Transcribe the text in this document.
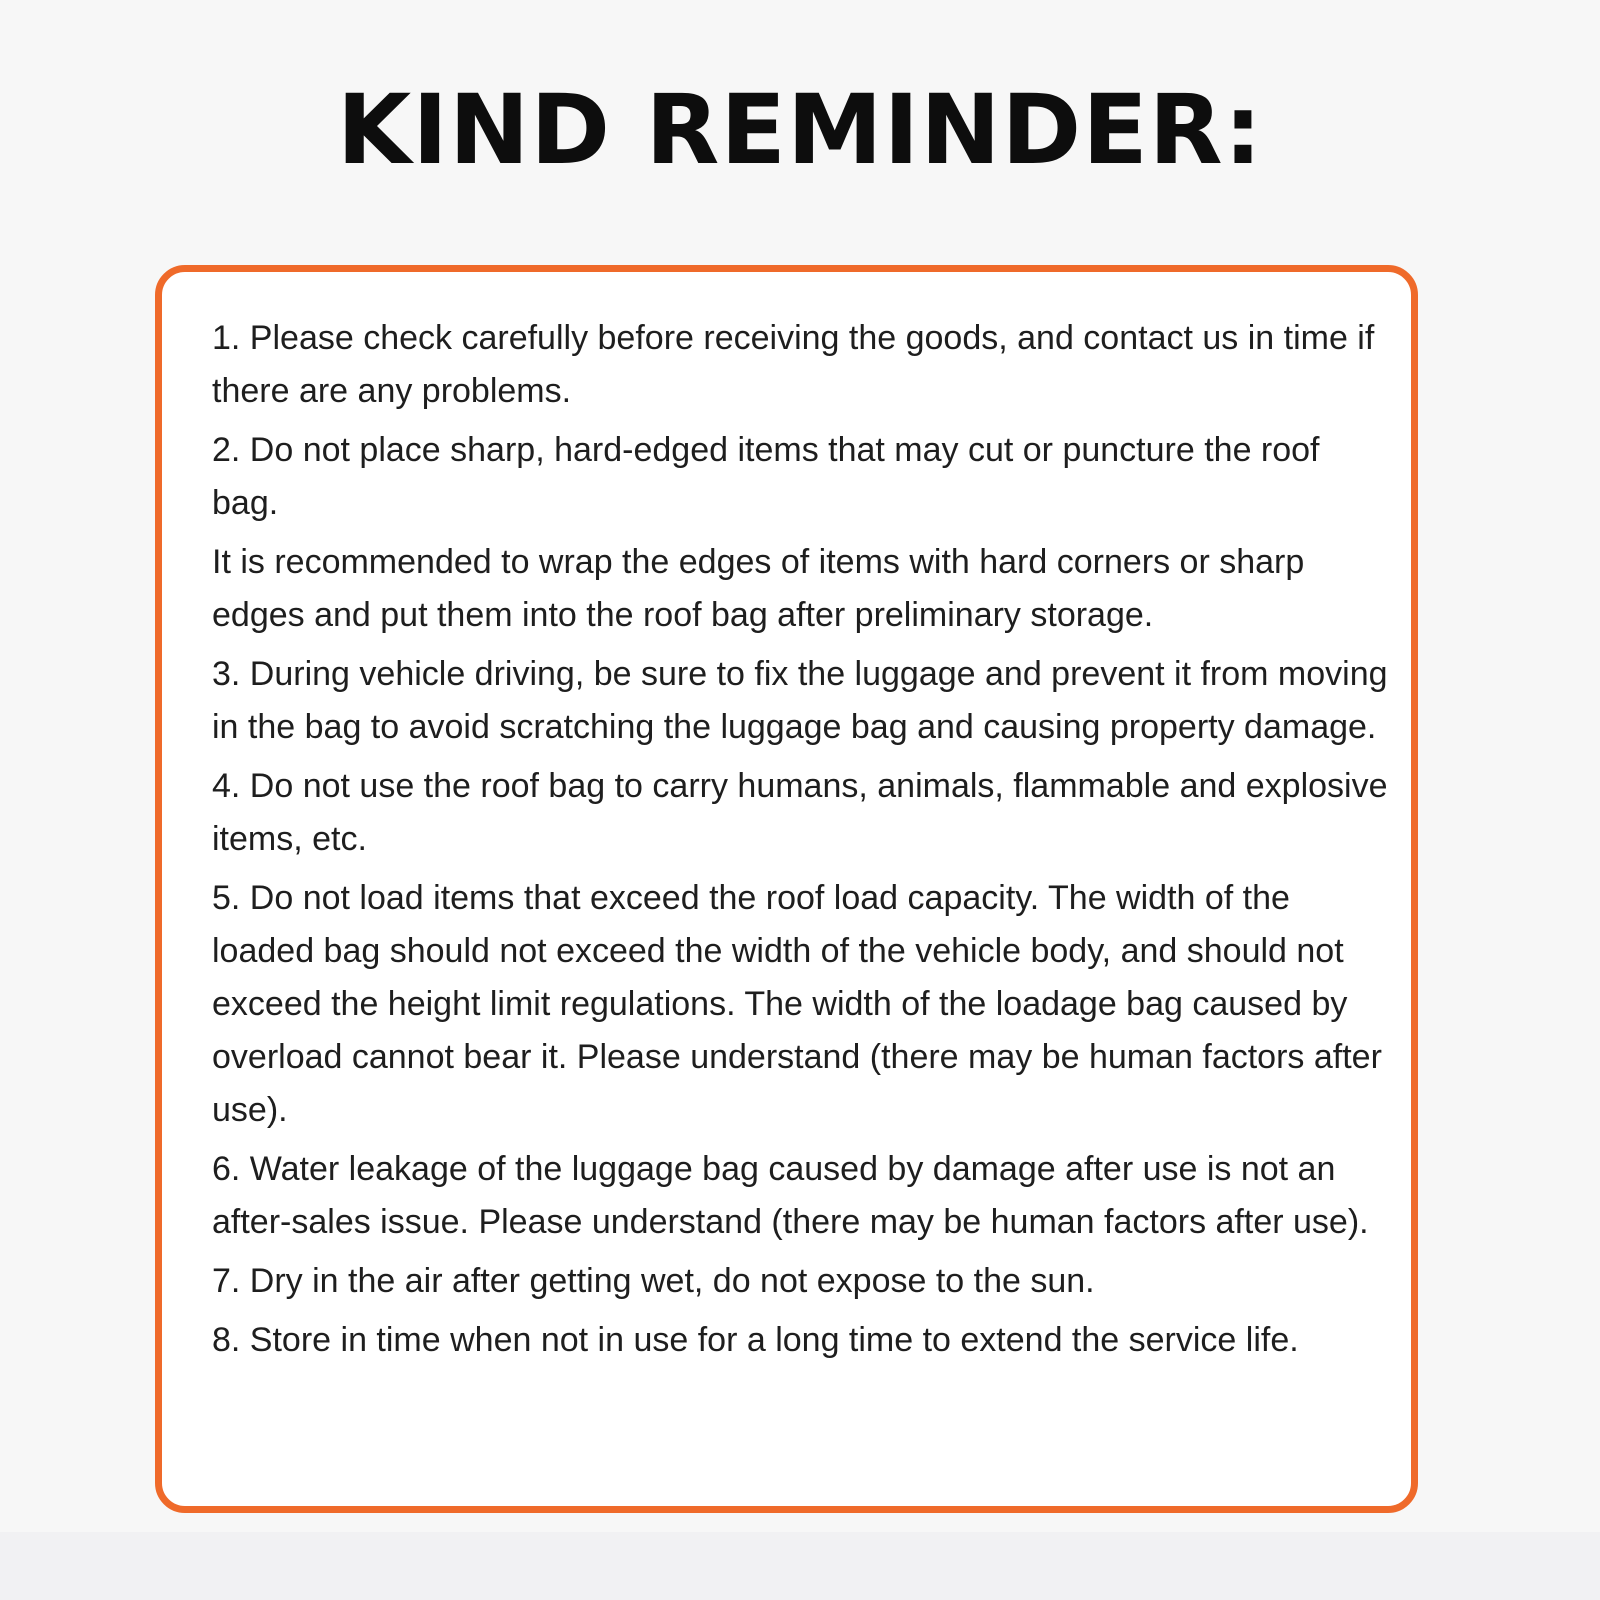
KIND REMINDER:

1. Please check carefully before receiving the goods, and contact us in time if there are any problems.

2. Do not place sharp, hard-edged items that may cut or puncture the roof bag.

It is recommended to wrap the edges of items with hard corners or sharp edges and put them into the roof bag after preliminary storage.

3. During vehicle driving, be sure to fix the luggage and prevent it from moving in the bag to avoid scratching the luggage bag and causing property damage.

4. Do not use the roof bag to carry humans, animals, flammable and explosive items, etc.

5. Do not load items that exceed the roof load capacity. The width of the loaded bag should not exceed the width of the vehicle body, and should not exceed the height limit regulations. The width of the loadage bag caused by overload cannot bear it. Please understand (there may be human factors after use).

6. Water leakage of the luggage bag caused by damage after use is not an after-sales issue. Please understand (there may be human factors after use).

7. Dry in the air after getting wet, do not expose to the sun.

8. Store in time when not in use for a long time to extend the service life.
